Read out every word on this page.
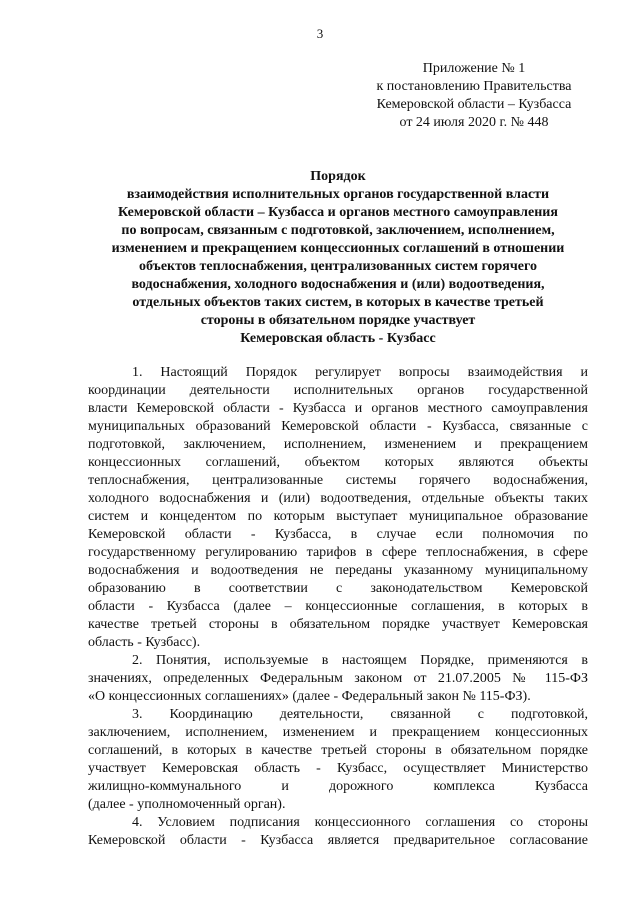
3
Приложение № 1
к постановлению Правительства
Кемеровской области – Кузбасса
от 24 июля 2020 г. № 448
Порядок
взаимодействия исполнительных органов государственной власти
Кемеровской области – Кузбасса и органов местного самоуправления
по вопросам, связанным с подготовкой, заключением, исполнением,
изменением и прекращением концессионных соглашений в отношении
объектов теплоснабжения, централизованных систем горячего
водоснабжения, холодного водоснабжения и (или) водоотведения,
отдельных объектов таких систем, в которых в качестве третьей
стороны в обязательном порядке участвует
Кемеровская область - Кузбасс
1. Настоящий Порядок регулирует вопросы взаимодействия и
координации деятельности исполнительных органов государственной
власти Кемеровской области - Кузбасса и органов местного самоуправления
муниципальных образований Кемеровской области - Кузбасса, связанные с
подготовкой, заключением, исполнением, изменением и прекращением
концессионных соглашений, объектом которых являются объекты
теплоснабжения, централизованные системы горячего водоснабжения,
холодного водоснабжения и (или) водоотведения, отдельные объекты таких
систем и концедентом по которым выступает муниципальное образование
Кемеровской области - Кузбасса, в случае если полномочия по
государственному регулированию тарифов в сфере теплоснабжения, в сфере
водоснабжения и водоотведения не переданы указанному муниципальному
образованию в соответствии с законодательством Кемеровской
области - Кузбасса (далее – концессионные соглашения, в которых в
качестве третьей стороны в обязательном порядке участвует Кемеровская
область - Кузбасс).
2. Понятия, используемые в настоящем Порядке, применяются в
значениях, определенных Федеральным законом от 21.07.2005 № 115-ФЗ
«О концессионных соглашениях» (далее - Федеральный закон № 115-ФЗ).
3. Координацию деятельности, связанной с подготовкой,
заключением, исполнением, изменением и прекращением концессионных
соглашений, в которых в качестве третьей стороны в обязательном порядке
участвует Кемеровская область - Кузбасс, осуществляет Министерство
жилищно-коммунального и дорожного комплекса Кузбасса
(далее - уполномоченный орган).
4. Условием подписания концессионного соглашения со стороны
Кемеровской области - Кузбасса является предварительное согласование
